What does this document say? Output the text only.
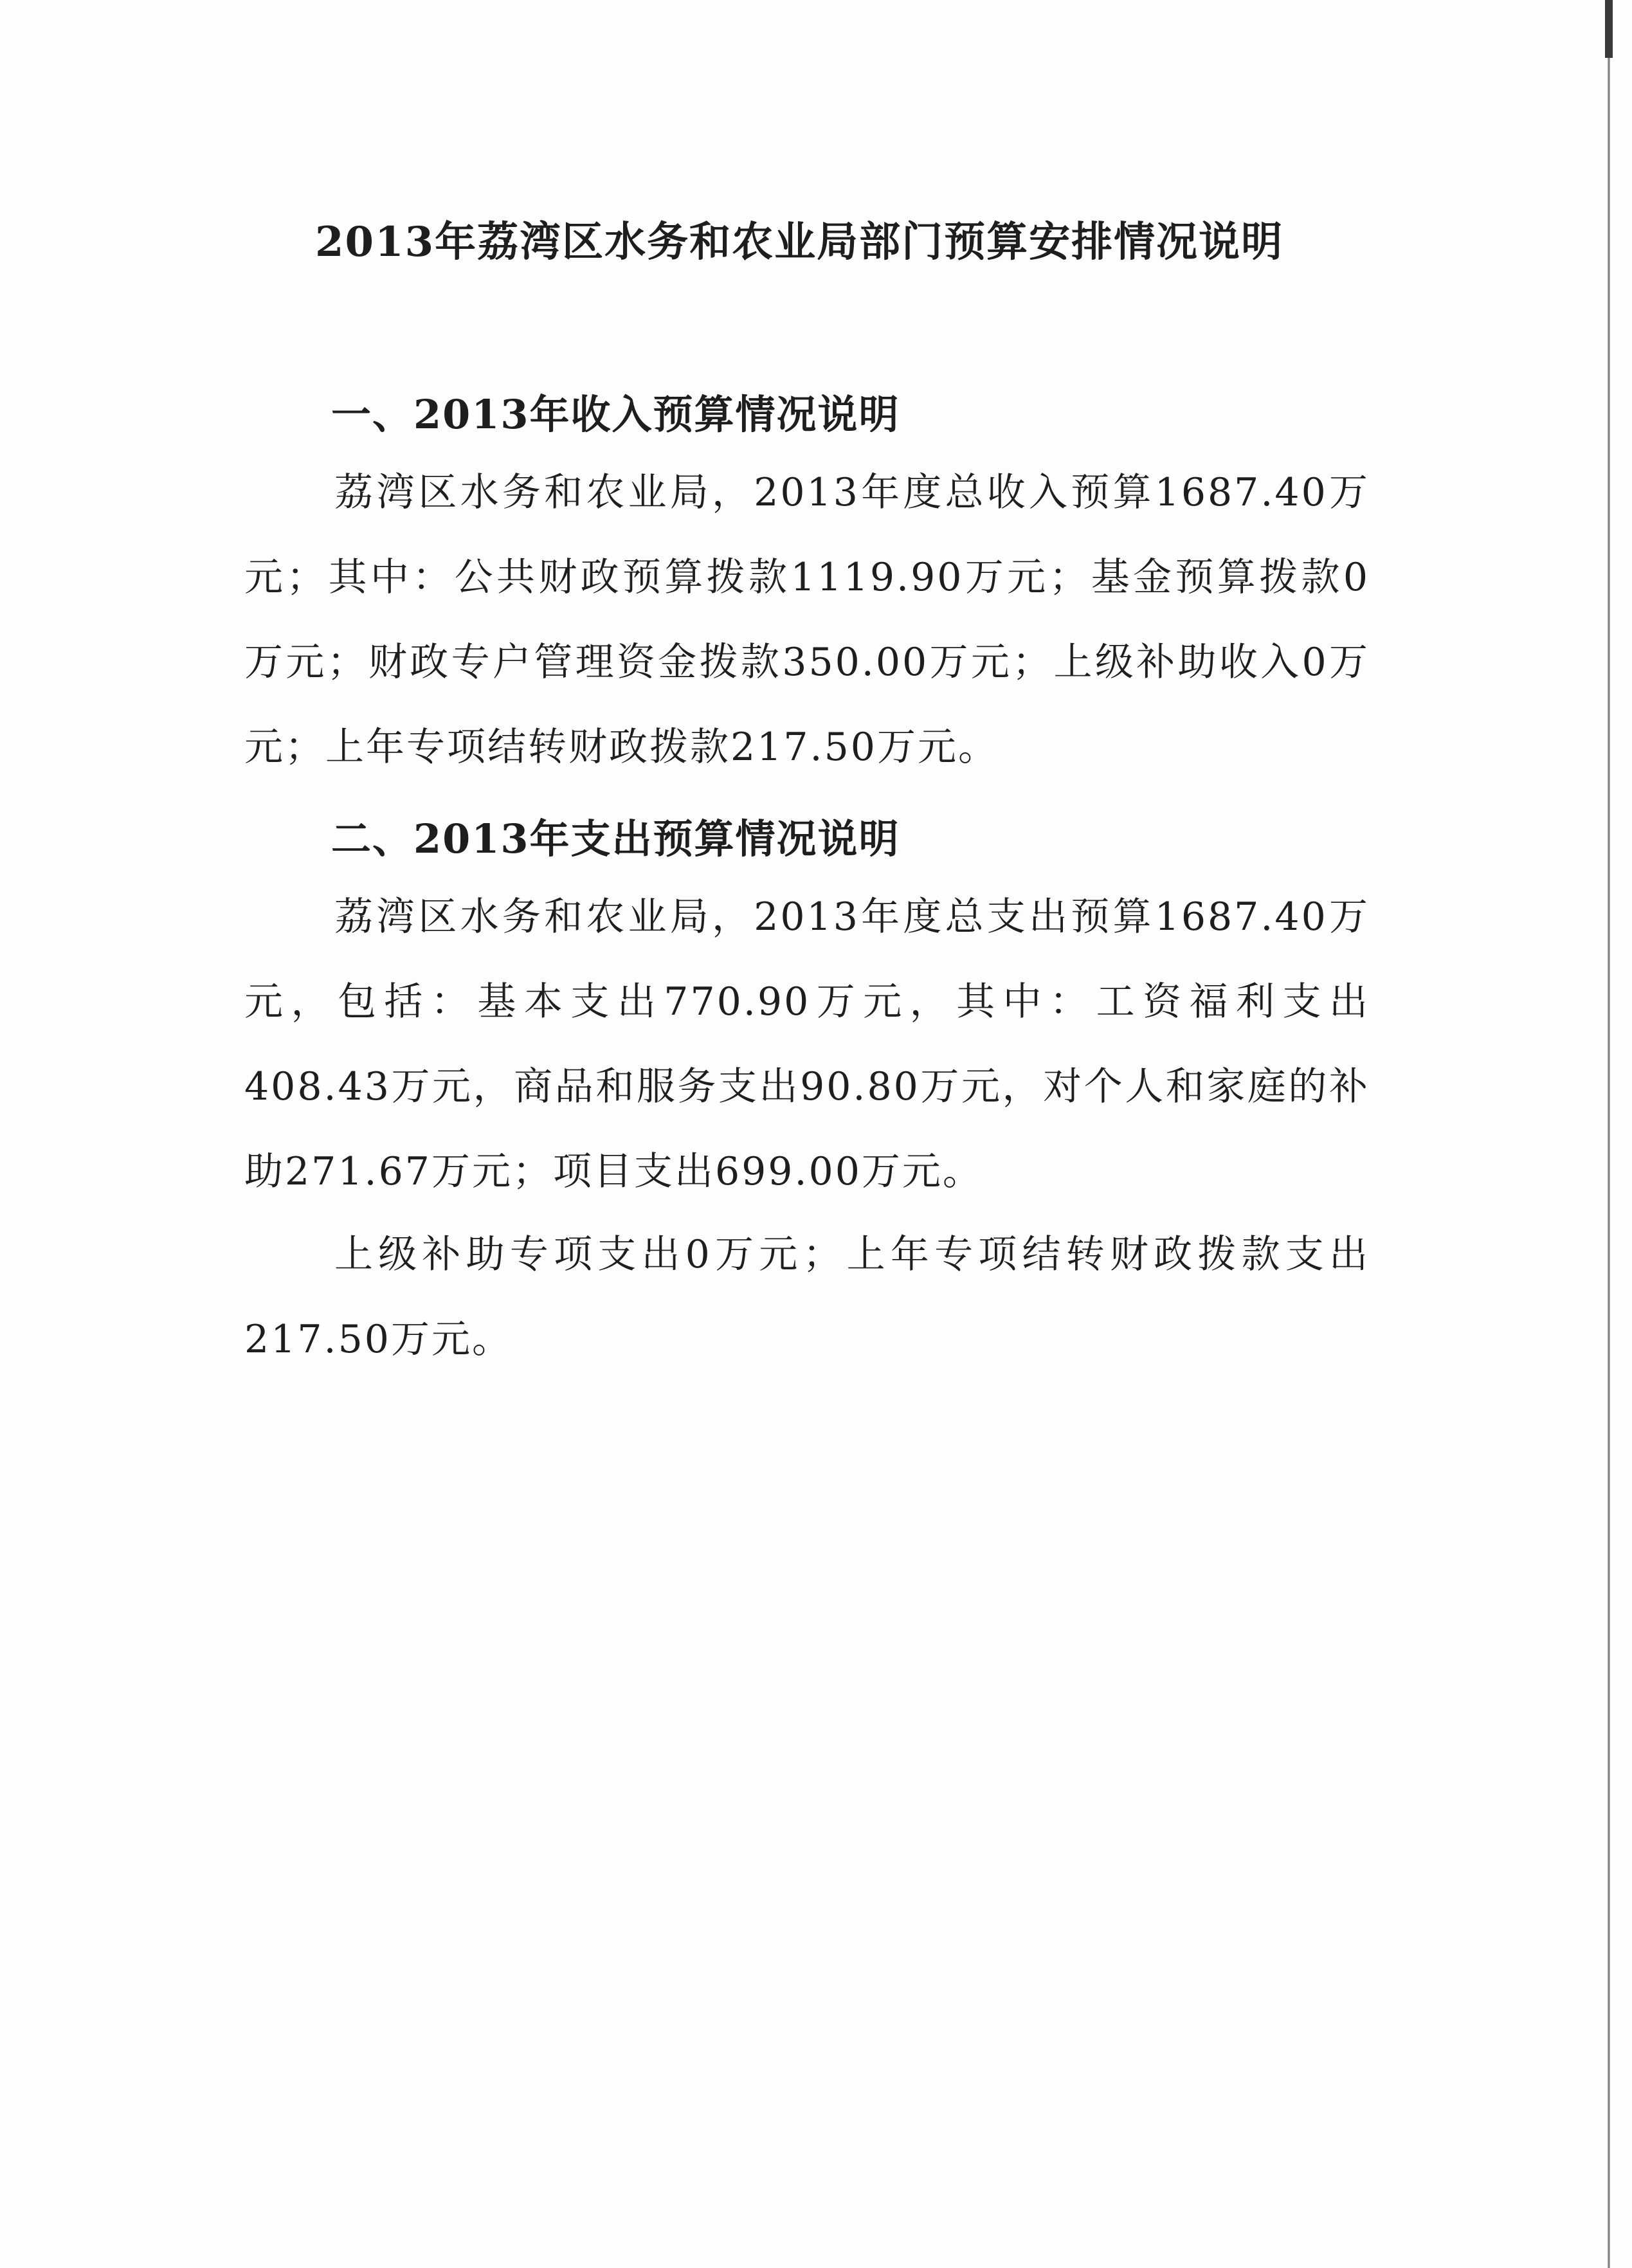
2013年荔湾区水务和农业局部门预算安排情况说明
一、2013年收入预算情况说明

荔湾区水务和农业局，2013年度总收入预算1687.40万元；其中：公共财政预算拨款1119.90万元；基金预算拨款0万元；财政专户管理资金拨款350.00万元；上级补助收入0万元；上年专项结转财政拨款217.50万元。

二、2013年支出预算情况说明

荔湾区水务和农业局，2013年度总支出预算1687.40万元，包括：基本支出770.90万元，其中：工资福利支出408.43万元，商品和服务支出90.80万元，对个人和家庭的补助271.67万元；项目支出699.00万元。

上级补助专项支出0万元；上年专项结转财政拨款支出217.50万元。
